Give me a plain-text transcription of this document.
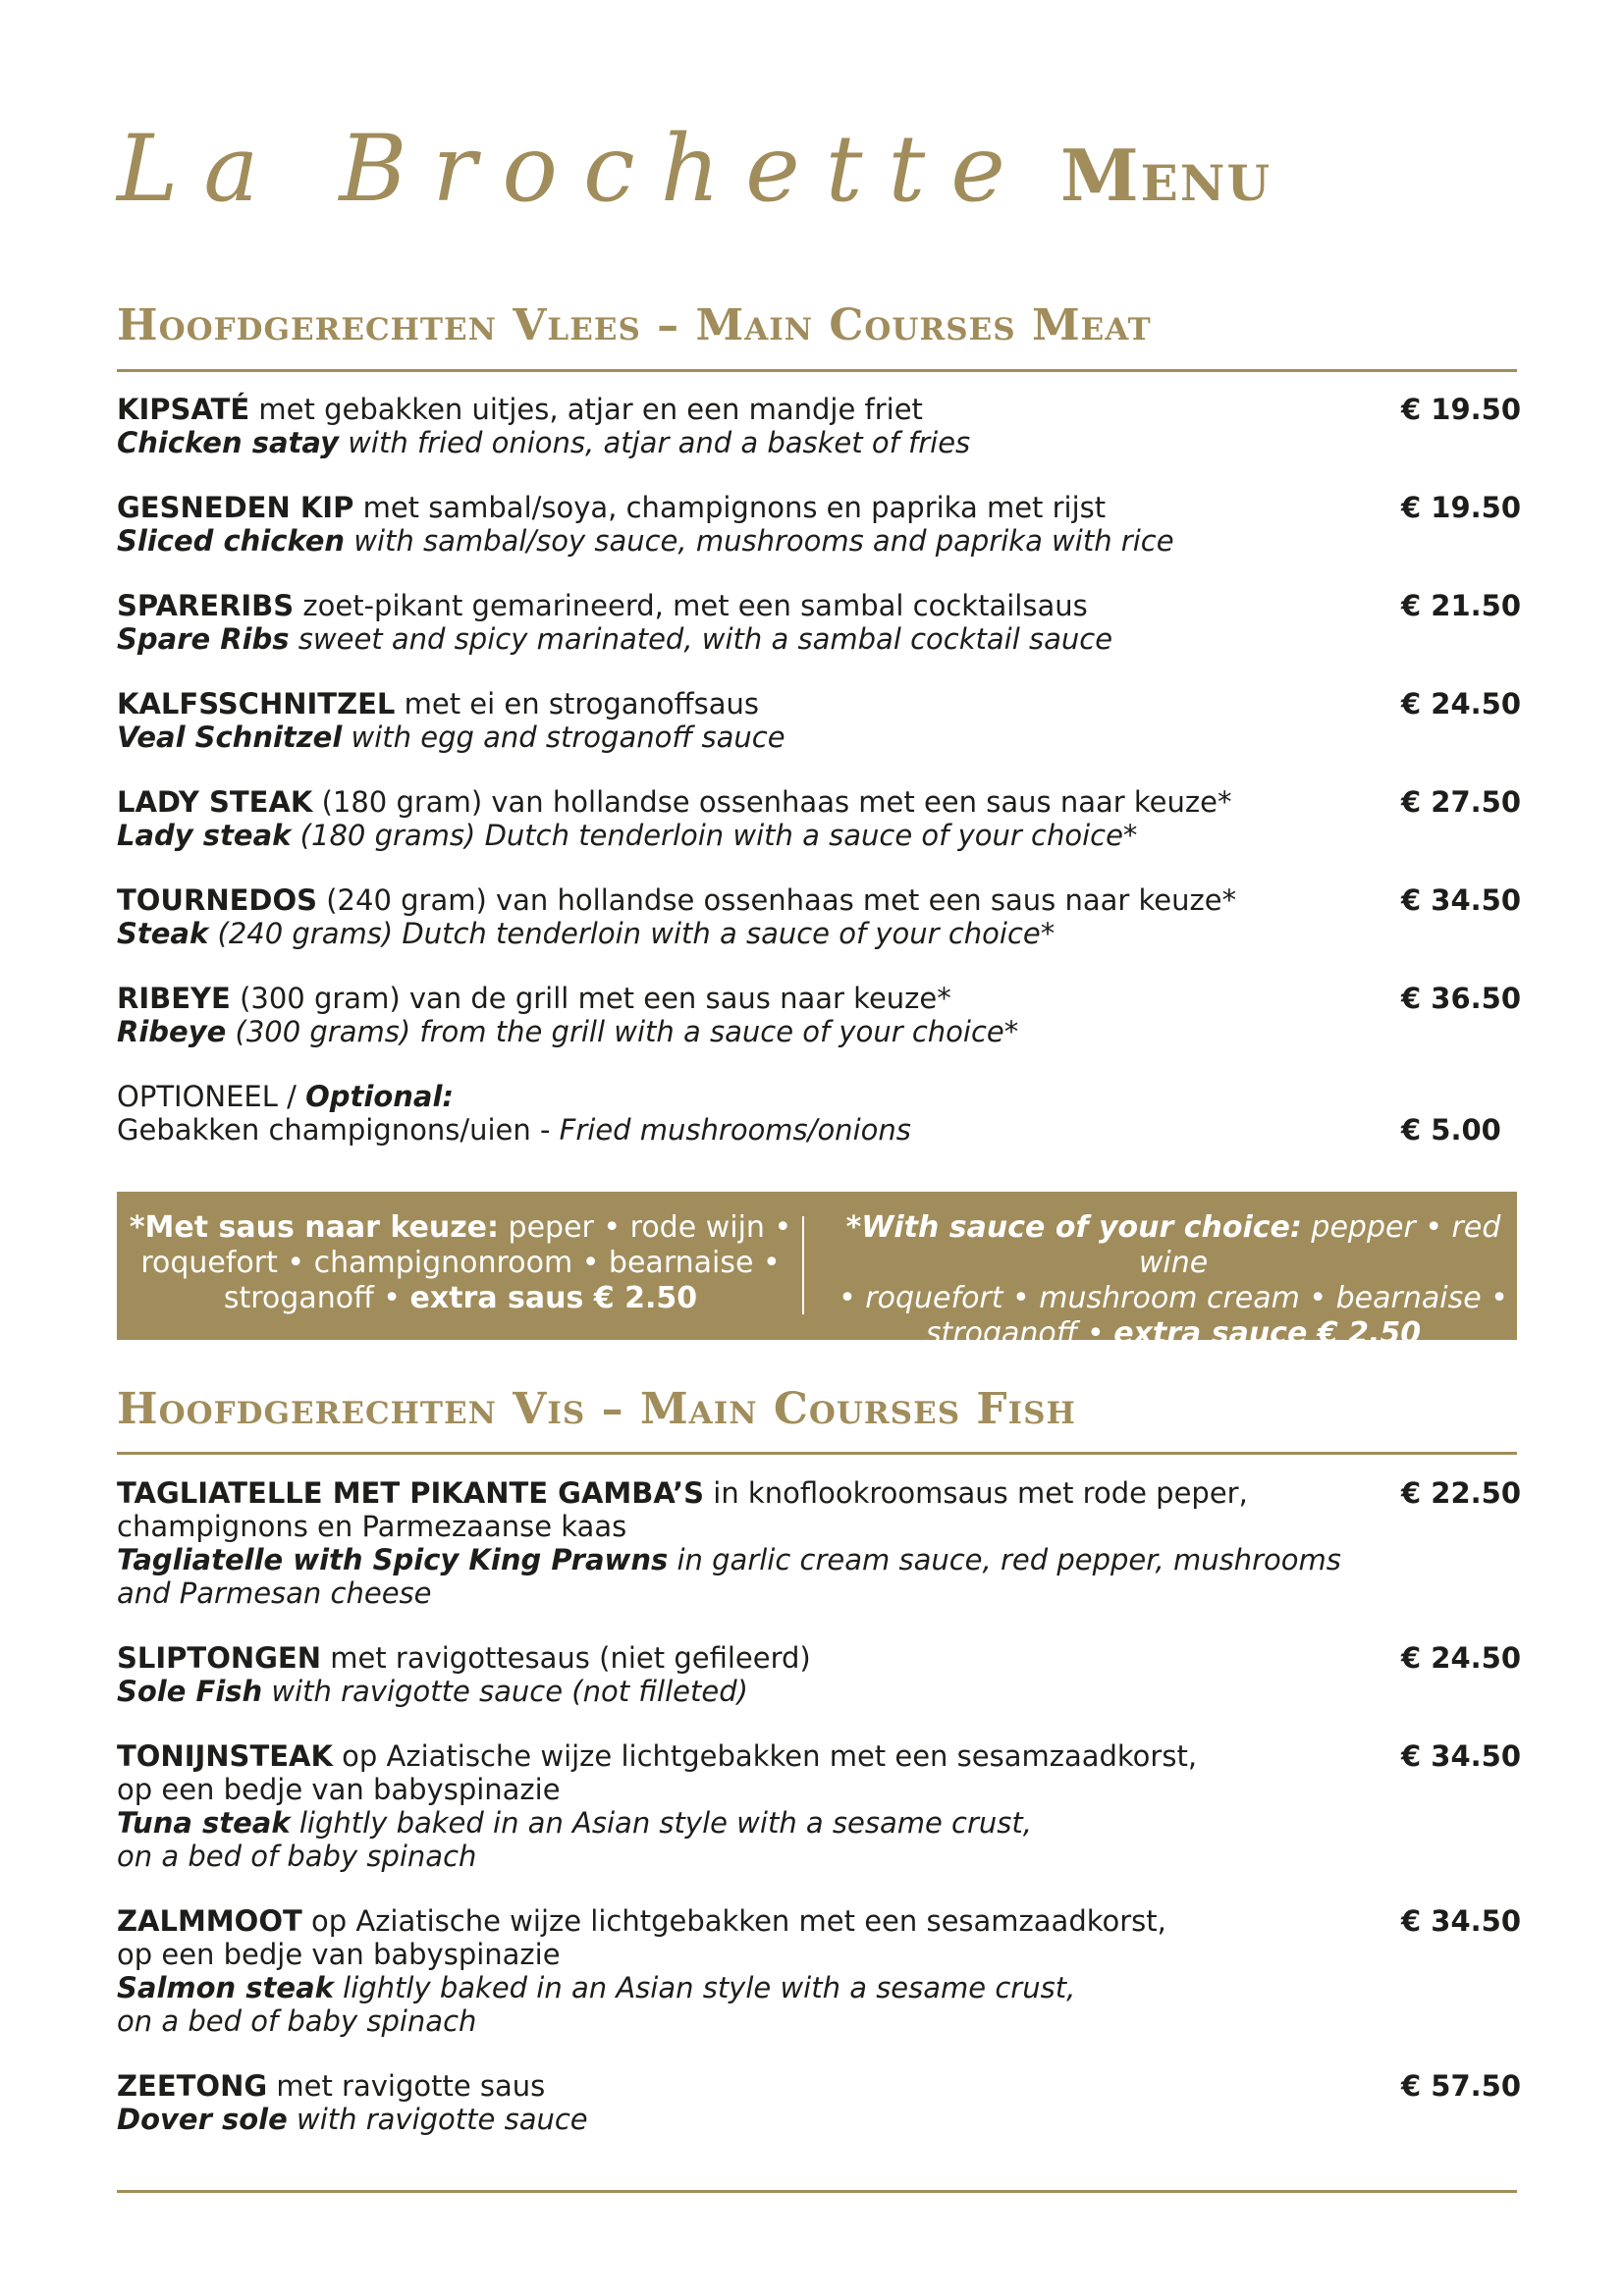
La Brochette Menu
Hoofdgerechten Vlees – Main Courses Meat
KIPSATÉ met gebakken uitjes, atjar en een mandje friet
Chicken satay with fried onions, atjar and a basket of fries
€ 19.50
GESNEDEN KIP met sambal/soya, champignons en paprika met rijst
Sliced chicken with sambal/soy sauce, mushrooms and paprika with rice
€ 19.50
SPARERIBS zoet-pikant gemarineerd, met een sambal cocktailsaus
Spare Ribs sweet and spicy marinated, with a sambal cocktail sauce
€ 21.50
KALFSSCHNITZEL met ei en stroganoffsaus
Veal Schnitzel with egg and stroganoff sauce
€ 24.50
LADY STEAK (180 gram) van hollandse ossenhaas met een saus naar keuze*
Lady steak (180 grams) Dutch tenderloin with a sauce of your choice*
€ 27.50
TOURNEDOS (240 gram) van hollandse ossenhaas met een saus naar keuze*
Steak (240 grams) Dutch tenderloin with a sauce of your choice*
€ 34.50
RIBEYE (300 gram) van de grill met een saus naar keuze*
Ribeye (300 grams) from the grill with a sauce of your choice*
€ 36.50
OPTIONEEL / Optional:
Gebakken champignons/uien - Fried mushrooms/onions	€ 5.00
*Met saus naar keuze: peper • rode wijn •
roquefort • champignonroom • bearnaise •
stroganoff • extra saus € 2.50
*With sauce of your choice: pepper • red wine
• roquefort • mushroom cream • bearnaise •
stroganoff • extra sauce € 2.50
Hoofdgerechten Vis – Main Courses Fish
TAGLIATELLE MET PIKANTE GAMBA’S in knoflookroomsaus met rode peper,
champignons en Parmezaanse kaas
Tagliatelle with Spicy King Prawns in garlic cream sauce, red pepper, mushrooms
and Parmesan cheese
€ 22.50
SLIPTONGEN met ravigottesaus (niet gefileerd)
Sole Fish with ravigotte sauce (not filleted)
€ 24.50
TONIJNSTEAK op Aziatische wijze lichtgebakken met een sesamzaadkorst,
op een bedje van babyspinazie
Tuna steak lightly baked in an Asian style with a sesame crust,
on a bed of baby spinach
€ 34.50
ZALMMOOT op Aziatische wijze lichtgebakken met een sesamzaadkorst,
op een bedje van babyspinazie
Salmon steak lightly baked in an Asian style with a sesame crust,
on a bed of baby spinach
€ 34.50
ZEETONG met ravigotte saus
Dover sole with ravigotte sauce
€ 57.50
